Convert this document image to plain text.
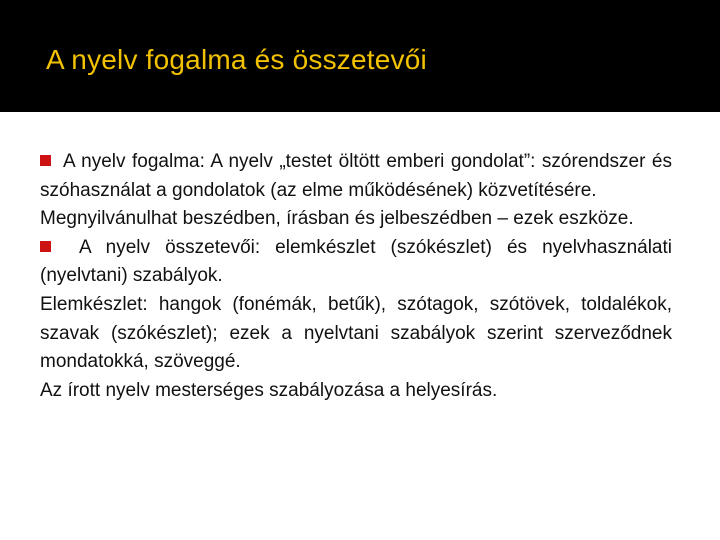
A nyelv fogalma és összetevői

A nyelv fogalma: A nyelv „testet öltött emberi gondolat”: szórendszer és szóhasználat a gondolatok (az elme működésének) közvetítésére.

Megnyilvánulhat beszédben, írásban és jelbeszédben – ezek eszköze.

A nyelv összetevői: elemkészlet (szókészlet) és nyelvhasználati (nyelvtani) szabályok.

Elemkészlet: hangok (fonémák, betűk), szótagok, szótövek, toldalékok, szavak (szókészlet); ezek a nyelvtani szabályok szerint szerveződnek mondatokká, szöveggé.

Az írott nyelv mesterséges szabályozása a helyesírás.
